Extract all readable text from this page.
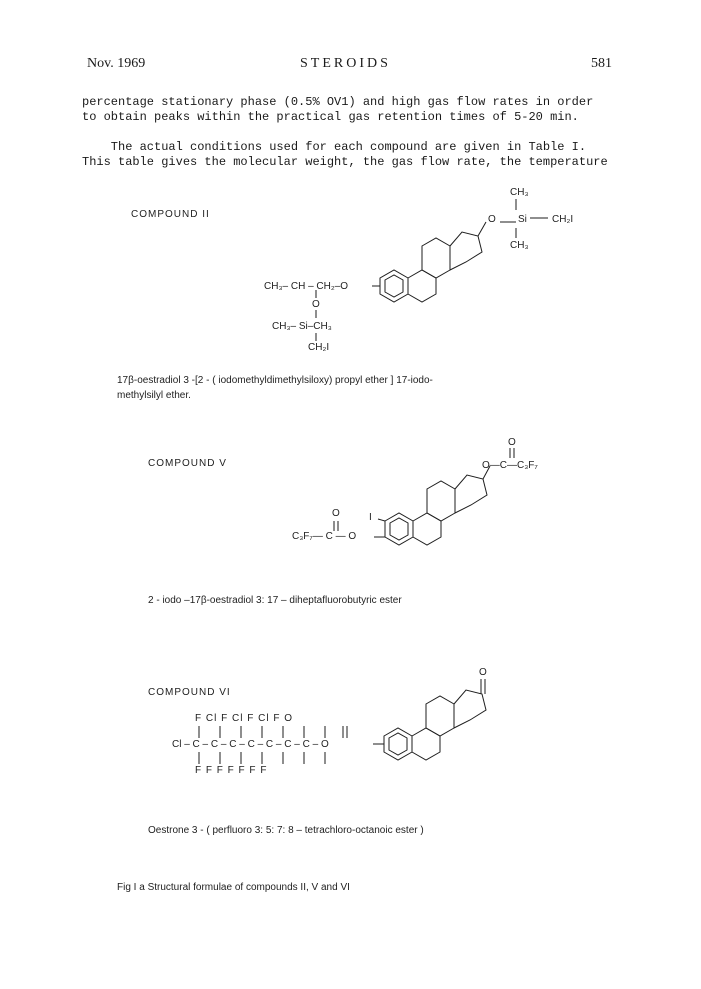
Nov. 1969	STEROIDS	581
percentage stationary phase (0.5% OV1) and high gas flow rates in order
to obtain peaks within the practical gas retention times of 5-20 min.
The actual conditions used for each compound are given in Table I.
This table gives the molecular weight, the gas flow rate, the temperature
COMPOUND II
CH₃
O Si	CH₂I
CH₃
CH₃– CH – CH₂–O
O
CH₃– Si–CH₃
CH₂I
17β-oestradiol 3 -[2 - ( iodomethyldimethylsiloxy) propyl ether ] 17-iodo-
methylsilyl ether.
COMPOUND V
O
O—C—C₃F₇
O	I
C₃F₇— C — O
2 - iodo –17β-oestradiol 3: 17 – diheptafluorobutyric ester
COMPOUND VI
O
F Cl F Cl F Cl F O
Cl – C – C – C – C – C – C – C – O
F F F F F F F
Oestrone 3 - ( perfluoro 3: 5: 7: 8 – tetrachloro-octanoic ester )
Fig I a Structural formulae of compounds II, V and VI
